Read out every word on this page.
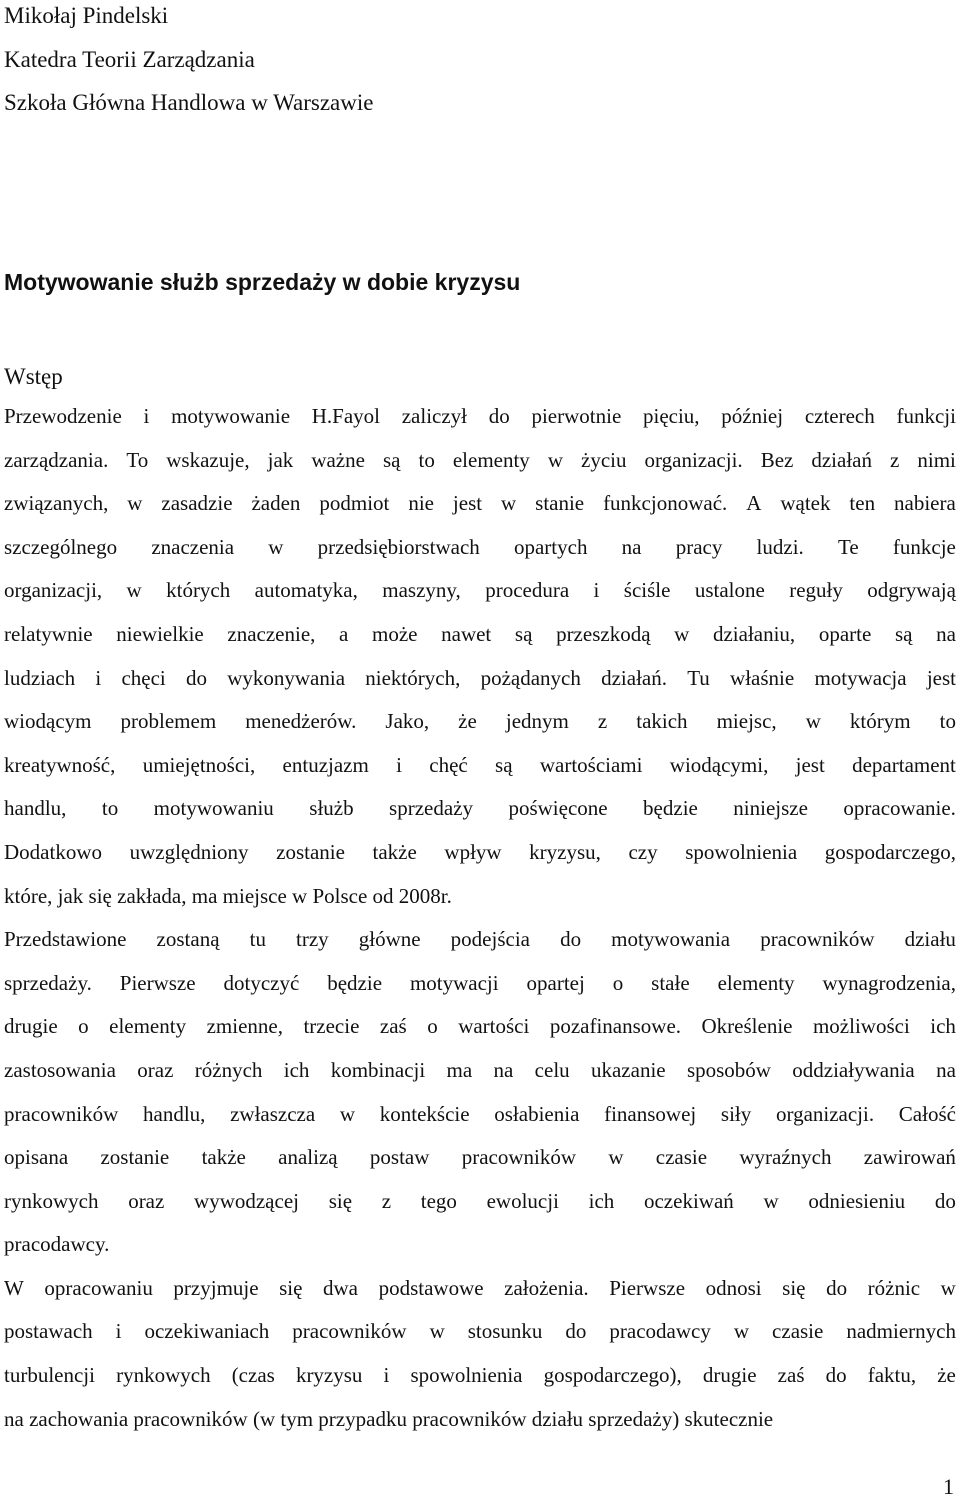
Mikołaj Pindelski
Katedra Teorii Zarządzania
Szkoła Główna Handlowa w Warszawie
Motywowanie służb sprzedaży w dobie kryzysu
Wstęp
Przewodzenie i motywowanie H.Fayol zaliczył do pierwotnie pięciu, później czterech funkcji
zarządzania. To wskazuje, jak ważne są to elementy w życiu organizacji. Bez działań z nimi
związanych, w zasadzie żaden podmiot nie jest w stanie funkcjonować. A wątek ten nabiera
szczególnego znaczenia w przedsiębiorstwach opartych na pracy ludzi. Te funkcje
organizacji, w których automatyka, maszyny, procedura i ściśle ustalone reguły odgrywają
relatywnie niewielkie znaczenie, a może nawet są przeszkodą w działaniu, oparte są na
ludziach i chęci do wykonywania niektórych, pożądanych działań. Tu właśnie motywacja jest
wiodącym problemem menedżerów. Jako, że jednym z takich miejsc, w którym to
kreatywność, umiejętności, entuzjazm i chęć są wartościami wiodącymi, jest departament
handlu, to motywowaniu służb sprzedaży poświęcone będzie niniejsze opracowanie.
Dodatkowo uwzględniony zostanie także wpływ kryzysu, czy spowolnienia gospodarczego,
które, jak się zakłada, ma miejsce w Polsce od 2008r.
Przedstawione zostaną tu trzy główne podejścia do motywowania pracowników działu
sprzedaży. Pierwsze dotyczyć będzie motywacji opartej o stałe elementy wynagrodzenia,
drugie o elementy zmienne, trzecie zaś o wartości pozafinansowe. Określenie możliwości ich
zastosowania oraz różnych ich kombinacji ma na celu ukazanie sposobów oddziaływania na
pracowników handlu, zwłaszcza w kontekście osłabienia finansowej siły organizacji. Całość
opisana zostanie także analizą postaw pracowników w czasie wyraźnych zawirowań
rynkowych oraz wywodzącej się z tego ewolucji ich oczekiwań w odniesieniu do
pracodawcy.
W opracowaniu przyjmuje się dwa podstawowe założenia. Pierwsze odnosi się do różnic w
postawach i oczekiwaniach pracowników w stosunku do pracodawcy w czasie nadmiernych
turbulencji rynkowych (czas kryzysu i spowolnienia gospodarczego), drugie zaś do faktu, że
na zachowania pracowników (w tym przypadku pracowników działu sprzedaży) skutecznie
1
